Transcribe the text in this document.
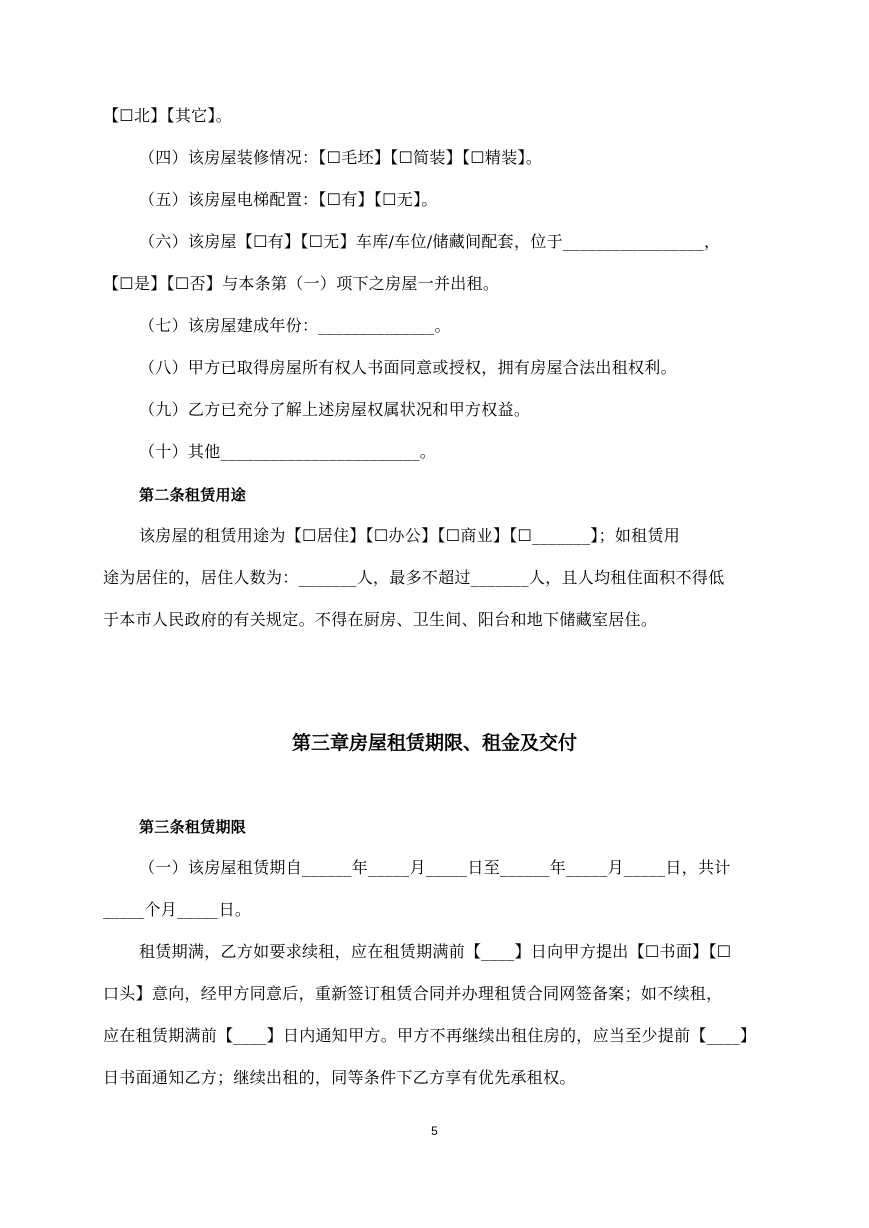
【☐北】【其它】。
（四）该房屋装修情况：【☐毛坯】【☐简装】【☐精装】。
（五）该房屋电梯配置：【☐有】【☐无】。
（六）该房屋【☐有】【☐无】车库/车位/储藏间配套，位于_________________，
【☐是】【☐否】与本条第（一）项下之房屋一并出租。
（七）该房屋建成年份：______________。
（八）甲方已取得房屋所有权人书面同意或授权，拥有房屋合法出租权利。
（九）乙方已充分了解上述房屋权属状况和甲方权益。
（十）其他________________________。
第二条租赁用途
该房屋的租赁用途为【☐居住】【☐办公】【☐商业】【☐_______】；如租赁用
途为居住的，居住人数为：_______人，最多不超过_______人，且人均租住面积不得低
于本市人民政府的有关规定。不得在厨房、卫生间、阳台和地下储藏室居住。
第三章房屋租赁期限、租金及交付
第三条租赁期限
（一）该房屋租赁期自______年_____月_____日至______年_____月_____日，共计
_____个月_____日。
租赁期满，乙方如要求续租，应在租赁期满前【____】日向甲方提出【☐书面】【☐
口头】意向，经甲方同意后，重新签订租赁合同并办理租赁合同网签备案；如不续租，
应在租赁期满前【____】日内通知甲方。甲方不再继续出租住房的，应当至少提前【____】
日书面通知乙方；继续出租的，同等条件下乙方享有优先承租权。
5
